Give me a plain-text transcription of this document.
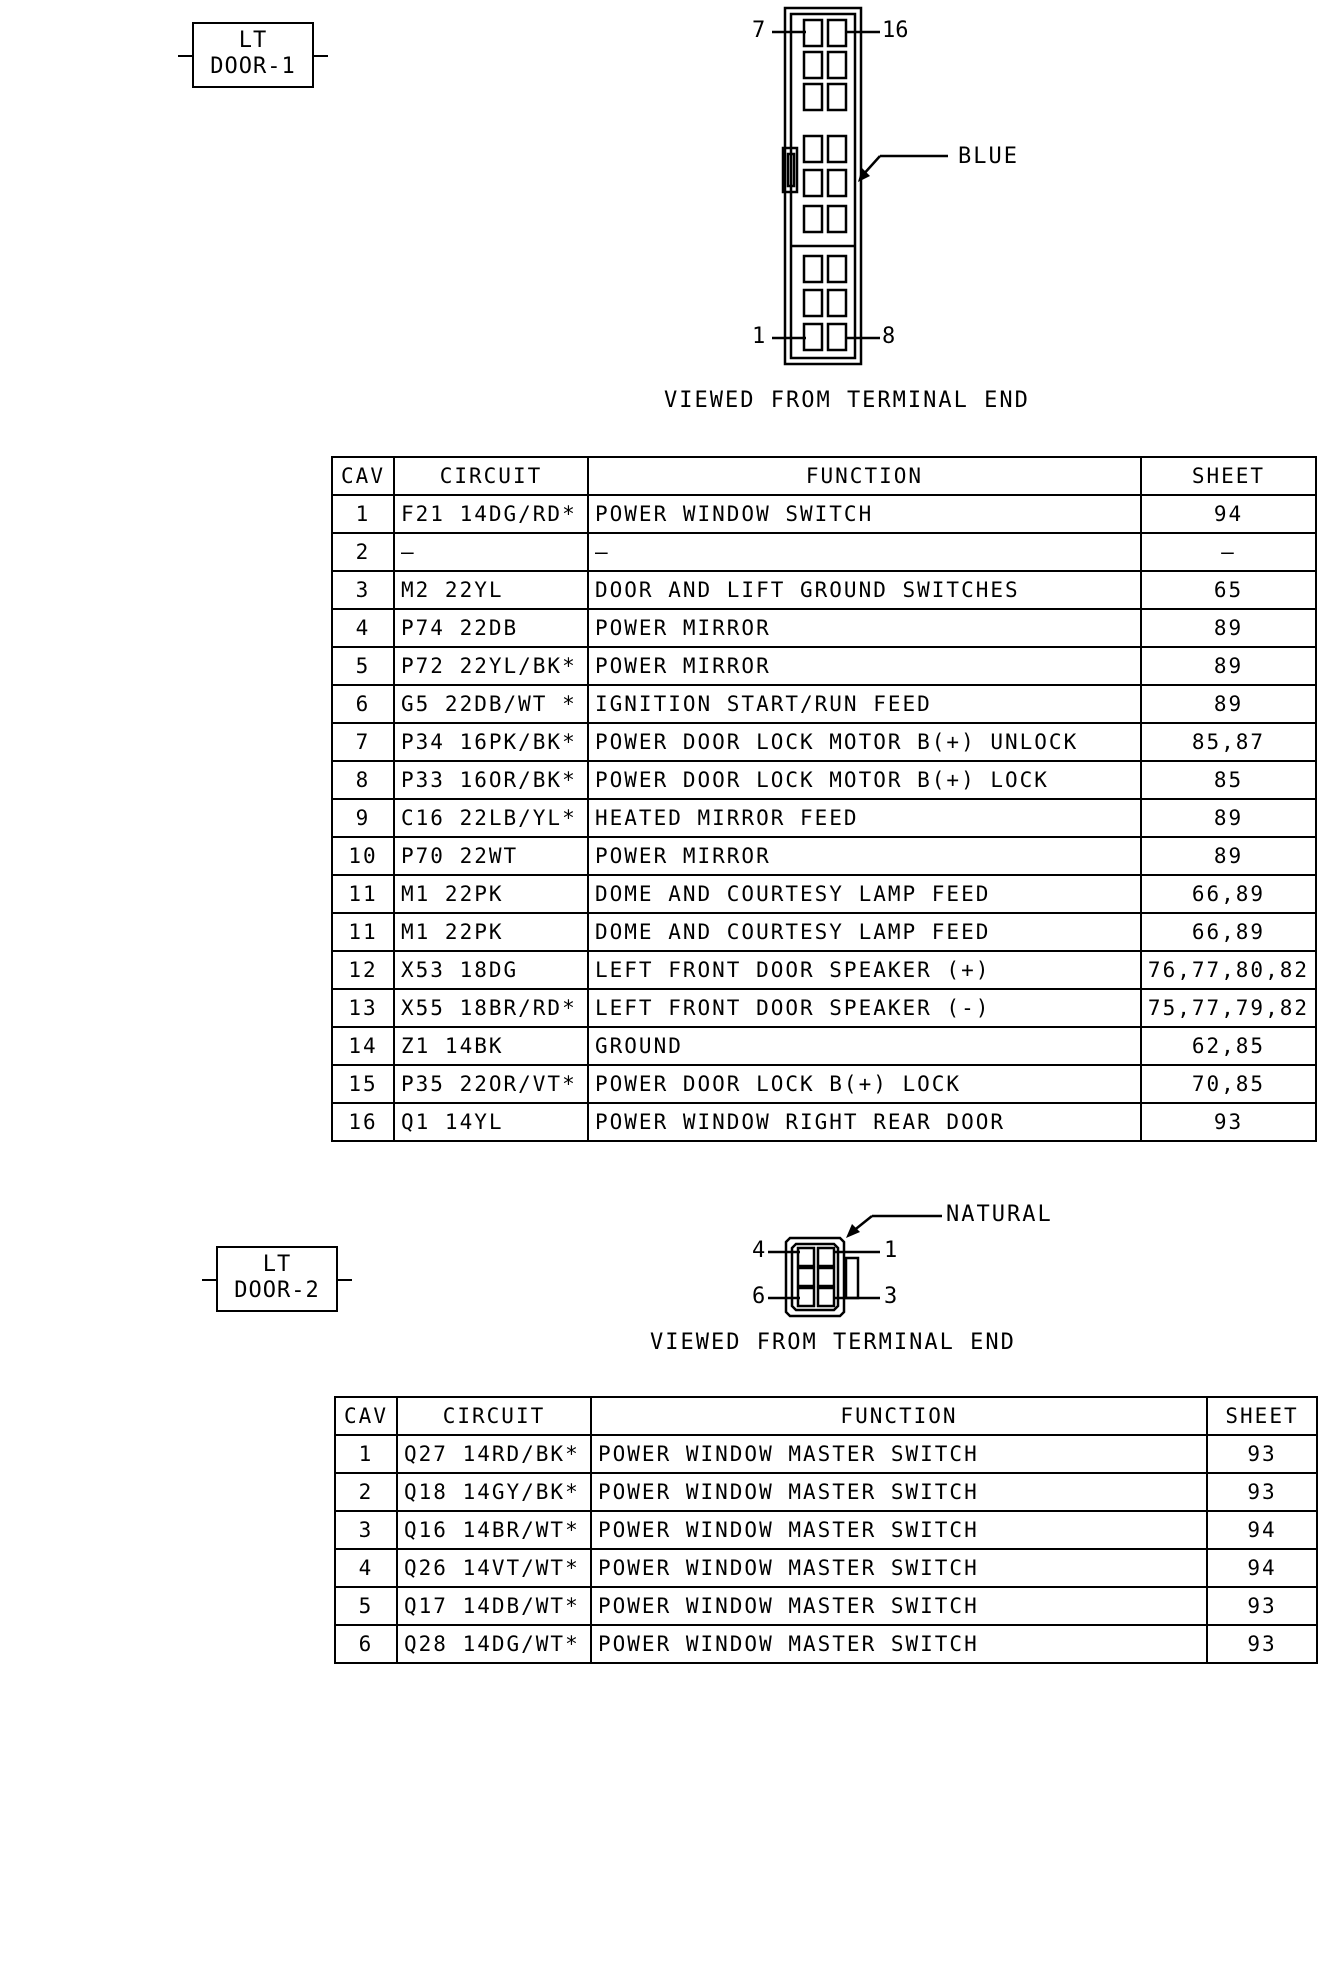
LT
DOOR-1
7	16
1	8
BLUE
VIEWED FROM TERMINAL END
CAV	CIRCUIT	FUNCTION	SHEET
1	F21 14DG/RD*	POWER WINDOW SWITCH	94
2	—	—	—
3	M2 22YL	DOOR AND LIFT GROUND SWITCHES	65
4	P74 22DB	POWER MIRROR	89
5	P72 22YL/BK*	POWER MIRROR	89
6	G5 22DB/WT *	IGNITION START/RUN FEED	89
7	P34 16PK/BK*	POWER DOOR LOCK MOTOR B(+) UNLOCK	85,87
8	P33 16OR/BK*	POWER DOOR LOCK MOTOR B(+) LOCK	85
9	C16 22LB/YL*	HEATED MIRROR FEED	89
10	P70 22WT	POWER MIRROR	89
11	M1 22PK	DOME AND COURTESY LAMP FEED	66,89
11	M1 22PK	DOME AND COURTESY LAMP FEED	66,89
12	X53 18DG	LEFT FRONT DOOR SPEAKER (+)	76,77,80,82
13	X55 18BR/RD*	LEFT FRONT DOOR SPEAKER (-)	75,77,79,82
14	Z1 14BK	GROUND	62,85
15	P35 22OR/VT*	POWER DOOR LOCK B(+) LOCK	70,85
16	Q1 14YL	POWER WINDOW RIGHT REAR DOOR	93
LT
DOOR-2
4	1
6	3
NATURAL
VIEWED FROM TERMINAL END
CAV	CIRCUIT	FUNCTION	SHEET
1	Q27 14RD/BK*	POWER WINDOW MASTER SWITCH	93
2	Q18 14GY/BK*	POWER WINDOW MASTER SWITCH	93
3	Q16 14BR/WT*	POWER WINDOW MASTER SWITCH	94
4	Q26 14VT/WT*	POWER WINDOW MASTER SWITCH	94
5	Q17 14DB/WT*	POWER WINDOW MASTER SWITCH	93
6	Q28 14DG/WT*	POWER WINDOW MASTER SWITCH	93
